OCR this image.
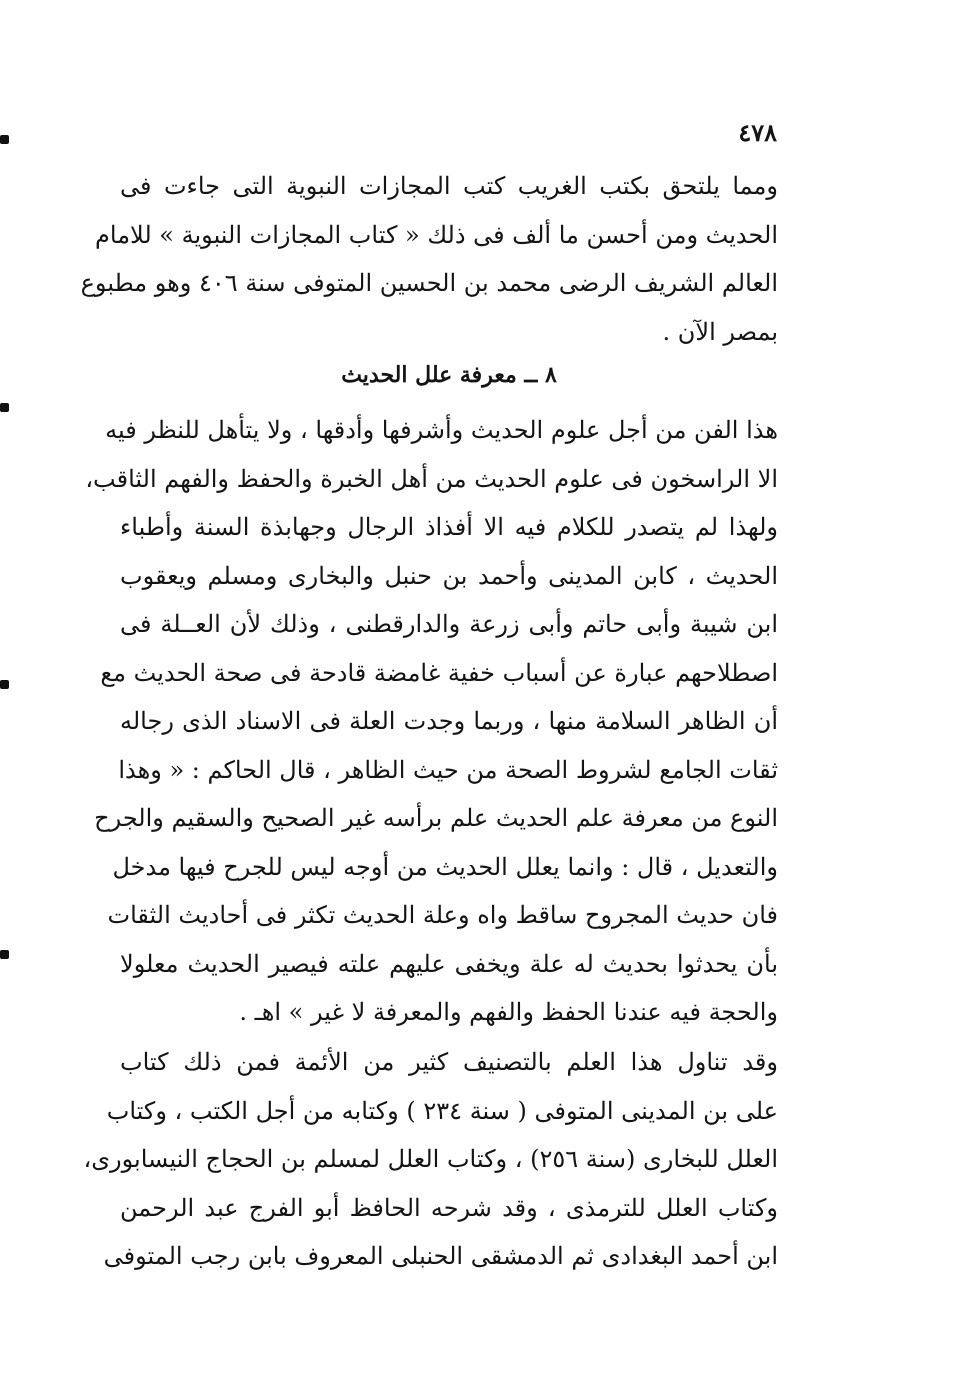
٤٧٨
ومما يلتحق بكتب الغريب كتب المجازات النبوية التى جاءت فى
الحديث ومن أحسن ما ألف فى ذلك « كتاب المجازات النبوية » للامام
العالم الشريف الرضى محمد بن الحسين المتوفى سنة ٤٠٦ وهو مطبوع
بمصر الآن .
٨ ــ معرفة علل الحديث
هذا الفن من أجل علوم الحديث وأشرفها وأدقها ، ولا يتأهل للنظر فيه
الا الراسخون فى علوم الحديث من أهل الخبرة والحفظ والفهم الثاقب،
ولهذا لم يتصدر للكلام فيه الا أفذاذ الرجال وجهابذة السنة وأطباء
الحديث ، كابن المدينى وأحمد بن حنبل والبخارى ومسلم ويعقوب
ابن شيبة وأبى حاتم وأبى زرعة والدارقطنى ، وذلك لأن العــلة فى
اصطلاحهم عبارة عن أسباب خفية غامضة قادحة فى صحة الحديث مع
أن الظاهر السلامة منها ، وربما وجدت العلة فى الاسناد الذى رجاله
ثقات الجامع لشروط الصحة من حيث الظاهر ، قال الحاكم : « وهذا
النوع من معرفة علم الحديث علم برأسه غير الصحيح والسقيم والجرح
والتعديل ، قال : وانما يعلل الحديث من أوجه ليس للجرح فيها مدخل
فان حديث المجروح ساقط واه وعلة الحديث تكثر فى أحاديث الثقات
بأن يحدثوا بحديث له علة ويخفى عليهم علته فيصير الحديث معلولا
والحجة فيه عندنا الحفظ والفهم والمعرفة لا غير » اهـ .
وقد تناول هذا العلم بالتصنيف كثير من الأئمة فمن ذلك كتاب
على بن المدينى المتوفى ( سنة ٢٣٤ ) وكتابه من أجل الكتب ، وكتاب
العلل للبخارى (سنة ٢٥٦) ، وكتاب العلل لمسلم بن الحجاج النيسابورى،
وكتاب العلل للترمذى ، وقد شرحه الحافظ أبو الفرج عبد الرحمن
ابن أحمد البغدادى ثم الدمشقى الحنبلى المعروف بابن رجب المتوفى
